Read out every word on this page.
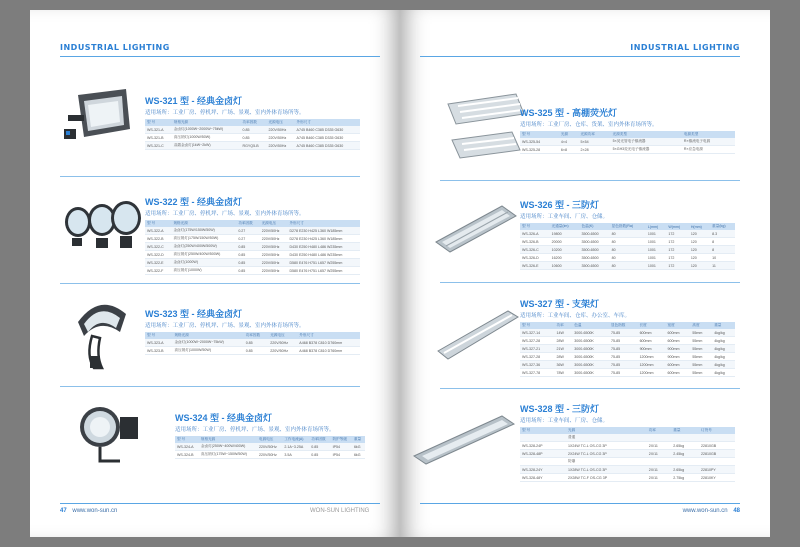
INDUSTRIAL LIGHTING
WS-321 型 - 经典金卤灯
适用场所：工业厂房、停机坪、广场、景观、室内外体育场所等。
型 号	规格光源	功率因数	光源电压	外形尺寸
WS-321-A	金卤灯(1000W~2000W~75kW)	0.85	220V/50Hz	A745 B460 C385 D335 G630
WS-321-B	高压钠灯(1000W/50W)	0.85	220V/50Hz	A745 B460 C385 D335 G630
WS-321-C	双端金卤灯(1kW~2kW)	RGYQ5-B	220V/50Hz	A745 B460 C385 D335 G630
WS-322 型 - 经典金卤灯
适用场所：工业厂房、停机坪、广场、景观、室内外体育场所等。
型 号	规格光源	功率因数	光源电压	外形尺寸
WS-322-A	金卤灯(175W/150W/50W)	0.27	220V/50Hz	D278 E230 H425 L360 W185mm
WS-322-B	高压钠灯(175W/150W/50W)	0.27	220V/50Hz	D278 E230 H425 L360 W185mm
WS-322-C	金卤灯(250W/400W/500W)	0.85	220V/50Hz	D430 E250 H480 L486 W235mm
WS-322-D	高压钠灯(250W/400W/500W)	0.85	220V/50Hz	D430 E250 H480 L486 W235mm
WS-322-E	金卤灯(1000W)	0.85	220V/50Hz	D580 E476 H751 L657 W255mm
WS-322-F	高压钠灯(1000W)	0.85	220V/50Hz	D580 E476 H751 L657 W255mm
WS-323 型 - 经典金卤灯
适用场所：工业厂房、停机坪、广场、景观、室内外体育场所等。
型 号	规格光源	功率因数	光源电压	外形尺寸
WS-323-A	金卤灯(1000W~2000W~75kW)	0.85	220V/50Hz	A468 B378 C810 D760mm
WS-323-B	高压钠灯(1000W/50W)	0.85	220V/50Hz	A468 B378 C810 D760mm
WS-324 型 - 经典金卤灯
适用场所：工业厂房、停机坪、广场、景观、室内外体育场所等。
型 号	规格光源	电源电压	工作电流(A)	功率因数	防护等级	重量
WS-324-A	金卤灯(250W~400W/400W)	220V/50Hz	2.1A~3.25A	0.85	IP54	6kG
WS-324-B	高压钠灯(175W~150W/50W)	220V/50Hz	3.5A	0.85	IP54	6kG
47 www.won-sun.cn	WON-SUN LIGHTING
INDUSTRIAL LIGHTING
WS-325 型 - 高棚荧光灯
适用场所：工业厂房、仓库、货架、室内外体育场所等。
型 号	光源	光源功率	光源类型	电源类型
WS-325-54	4×4	5×54	5×荧光管电子镇流器	R×镇流电子电源
WS-325-28	6×8	2×28	5×GH3荧光电子镇流器	R×应急电源
WS-326 型 - 三防灯
适用场所：工业车间、厂房、仓储。
型 号	光通量(lm)	色温(K)	显色指数(Ra)	L(mm)	W(mm)	H(mm)	重量(kg)
WS-326-A	19800	3500-6500	80	1001	172	120	8.3
WS-326-B	20000	3500-6500	80	1001	172	120	8
WS-326-C	10200	3500-6500	80	1001	172	120	8
WS-326-D	16200	3500-6500	80	1001	172	120	10
WS-326-E	10600	3500-6500	80	1001	172	120	11
WS-327 型 - 支架灯
适用场所：工业车间、仓库、办公室、车库。
型 号	功率	色温	显色指数	长度	宽度	高度	重量
WS-327-14	14W	3000-6500K	75-85	600mm	600mm	55mm	4kg/kg
WS-327-28	28W	3000-6500K	75-85	600mm	600mm	55mm	4kg/kg
WS-327-21	21W	3000-6500K	75-85	900mm	900mm	55mm	4kg/kg
WS-327-28	28W	3000-6500K	75-85	1200mm	900mm	55mm	4kg/kg
WS-327-36	36W	3000-6500K	75-85	1200mm	600mm	55mm	4kg/kg
WS-327-78	78W	3000-6500K	75-85	1200mm	600mm	55mm	4kg/kg
WS-328 型 - 三防灯
适用场所：工业车间、厂房、仓储。
型 号	光源	功率	重量	订货号
	普通			
WS-328-24P	1X24W TC-L OS-CG 3P	2X/11	2.65kg	22810GB
WS-328-48P	2X24W TC-L OS-CG 3P	2X/11	2.45kg	22810GB
	防爆			
WS-328-24Y	1X28W TC-L OS-CG 3P	2X/11	2.65kg	22810PY
WS-328-48Y	2X28W TC-F OS-CG 3P	2X/11	2.75kg	22810KY
www.won-sun.cn 48
